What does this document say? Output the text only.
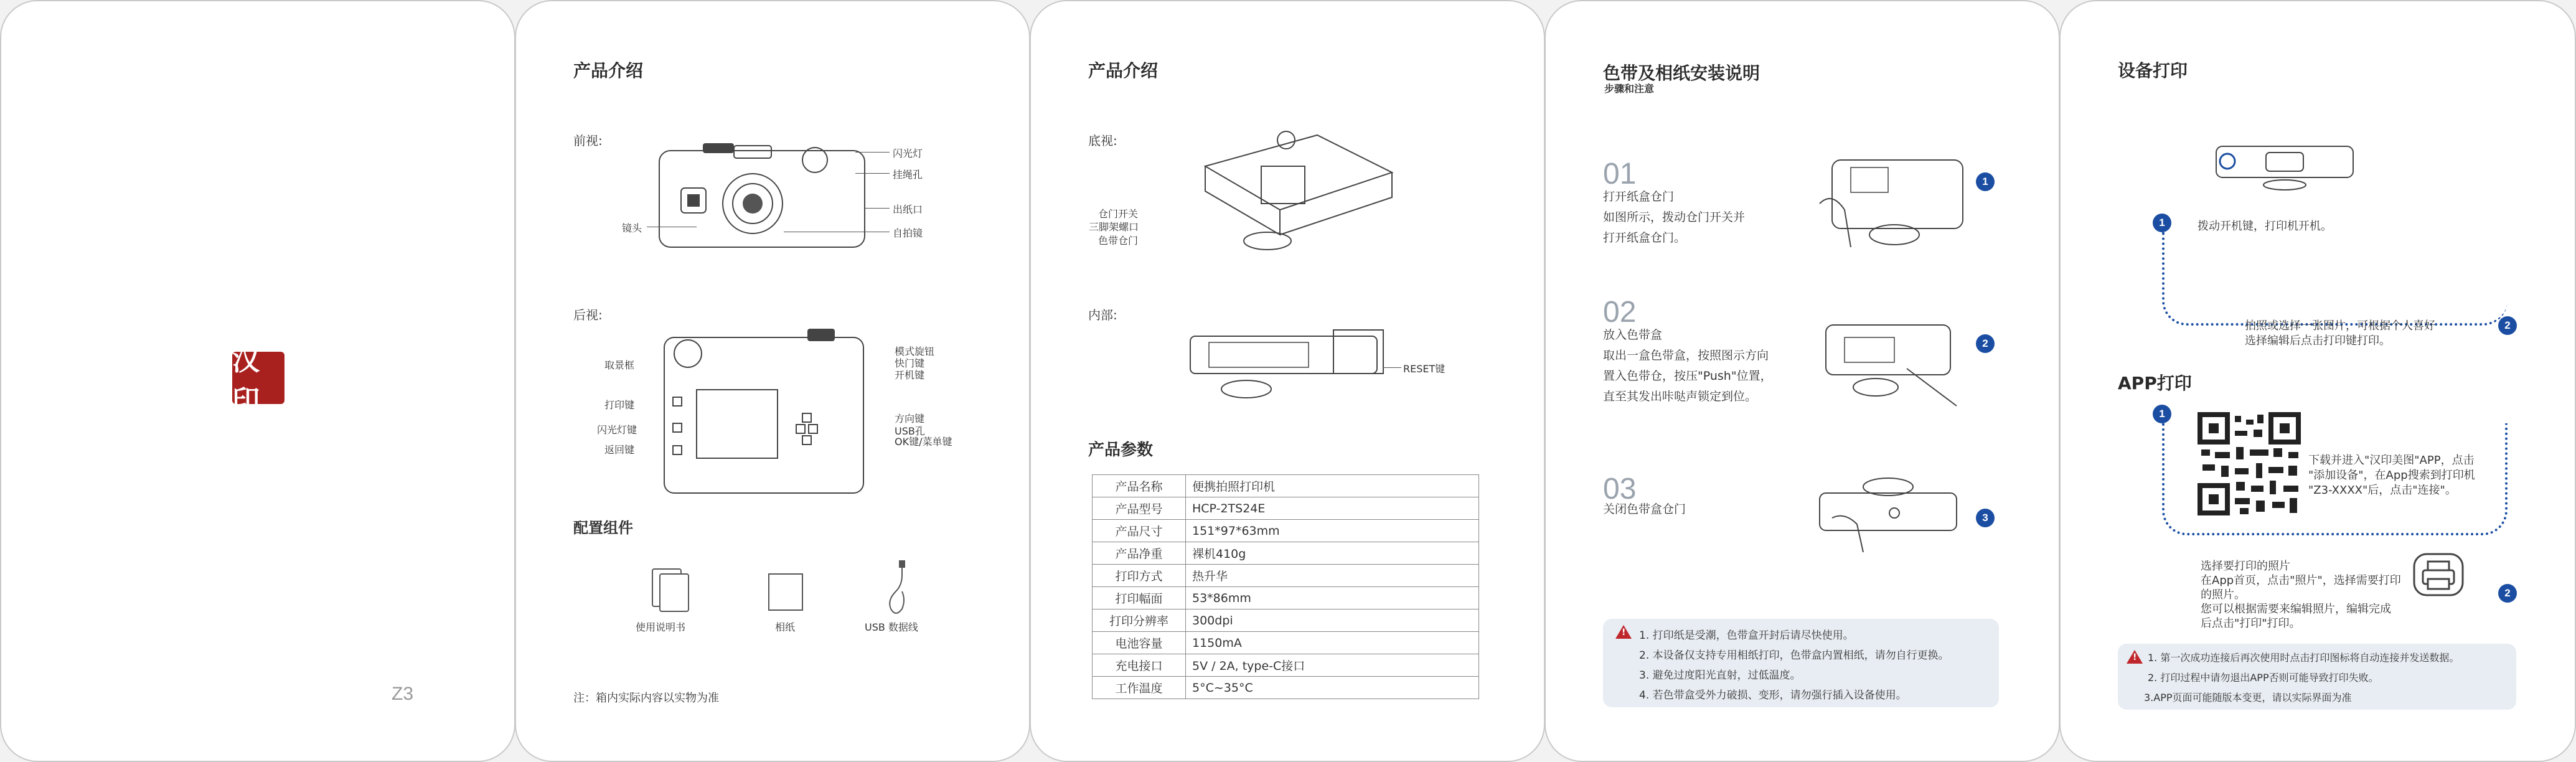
汉印
Z3
产品介绍
前视:
闪光灯
挂绳孔
出纸口
自拍镜
镜头
后视:
取景框
模式旋钮
快门键
开机键
打印键
闪光灯键
返回键
方向键
USB孔
OK键/菜单键
配置组件
使用说明书	相纸	USB 数据线
注：箱内实际内容以实物为准
产品介绍
底视:
仓门开关
三脚架螺口
色带仓门
内部:
RESET键
产品参数
产品名称	便携拍照打印机
产品型号	HCP-2TS24E
产品尺寸	151*97*63mm
产品净重	裸机410g
打印方式	热升华
打印幅面	53*86mm
打印分辨率	300dpi
电池容量	1150mA
充电接口	5V / 2A, type-C接口
工作温度	5°C~35°C
色带及相纸安装说明
步骤和注意
01
打开纸盒仓门
如图所示，拨动仓门开关并
打开纸盒仓门。
1
02
放入色带盒
取出一盒色带盒，按照图示方向
置入色带仓，按压"Push"位置，
直至其发出咔哒声锁定到位。
2
03
关闭色带盒仓门
3
!
1. 打印纸是受潮，色带盒开封后请尽快使用。
2. 本设备仅支持专用相纸打印，色带盒内置相纸，请勿自行更换。
3. 避免过度阳光直射，过低温度。
4. 若色带盒受外力破损、变形，请勿强行插入设备使用。
设备打印
1	拨动开机键，打印机开机。
拍照或选择一张图片，可根据个人喜好
选择编辑后点击打印键打印。
2
APP打印
1
下载并进入"汉印美图"APP，点击
"添加设备"，在App搜索到打印机
"Z3-XXXX"后，点击"连接"。
选择要打印的照片
在App首页，点击"照片"，选择需要打印
的照片。
您可以根据需要来编辑照片，编辑完成
后点击"打印"打印。
2
!
1. 第一次成功连接后再次使用时点击打印图标将自动连接并发送数据。
2. 打印过程中请勿退出APP否则可能导致打印失败。
3.APP页面可能随版本变更，请以实际界面为准
